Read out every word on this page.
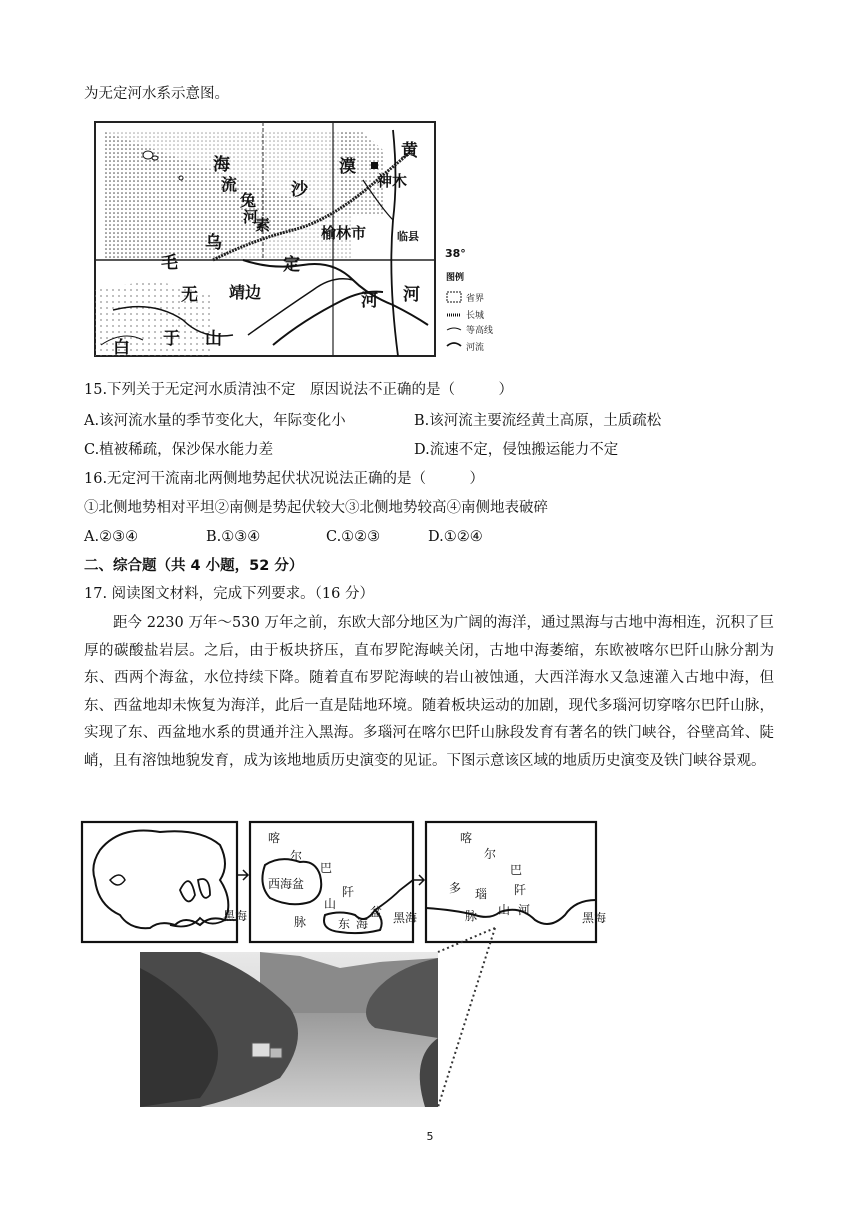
为无定河水系示意图。
海
流
兔
河
素
沙
漠
黄
神木
乌	榆林市	临县
毛	定
无 靖边	河 河
白 于 山
38°
图例
省界
长城
等高线
河流
15.下列关于无定河水质清浊不定　原因说法不正确的是（　　　）
A.该河流水量的季节变化大，年际变化小	B.该河流主要流经黄土高原，土质疏松
C.植被稀疏，保沙保水能力差	D.流速不定，侵蚀搬运能力不定
16.无定河干流南北两侧地势起伏状况说法正确的是（　　　）
①北侧地势相对平坦②南侧是势起伏较大③北侧地势较高④南侧地表破碎
A.②③④	B.①③④	C.①②③	D.①②④
二、综合题（共 4 小题，52 分）
17. 阅读图文材料，完成下列要求。（16 分）
距今 2230 万年～530 万年之前，东欧大部分地区为广阔的海洋，通过黑海与古地中海相连，沉积了巨厚的碳酸盐岩层。之后，由于板块挤压，直布罗陀海峡关闭，古地中海萎缩，东欧被喀尔巴阡山脉分割为东、西两个海盆，水位持续下降。随着直布罗陀海峡的岩山被蚀通，大西洋海水又急速灌入古地中海，但东、西盆地却未恢复为海洋，此后一直是陆地环境。随着板块运动的加剧，现代多瑙河切穿喀尔巴阡山脉，实现了东、西盆地水系的贯通并注入黑海。多瑙河在喀尔巴阡山脉段发育有著名的铁门峡谷，谷壁高耸、陡峭，且有溶蚀地貌发育，成为该地地质历史演变的见证。下图示意该区域的地质历史演变及铁门峡谷景观。
黑海
喀
尔
巴
西海盆
阡
山
脉	东 海
盆 黑海
喀
尔
巴
多 瑙 阡
脉 山 河
黑海
5
